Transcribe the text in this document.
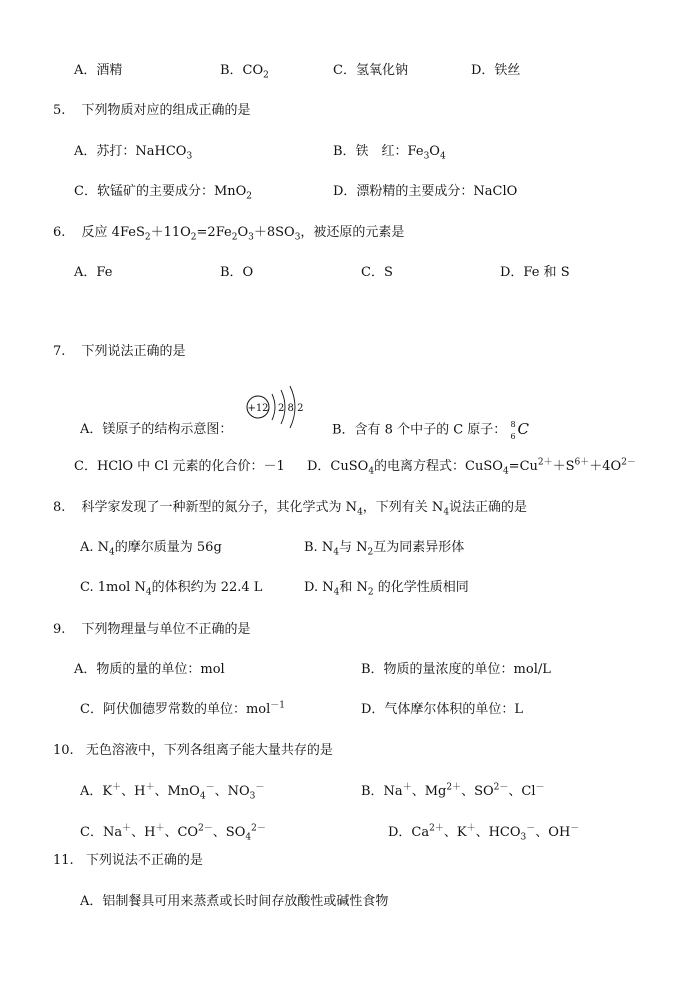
A．酒精	B．$CO_2$	C．氢氧化钠	D．铁丝
5. 下列物质对应的组成正确的是
A．苏打：NaHCO$_3$	B．铁　红：$Fe_3O_4$
C．软锰矿的主要成分：MnO$_2$	D．漂粉精的主要成分：NaClO
6. 反应 $4FeS_2+11O_2=2Fe_2O_3+8SO_3$，被还原的元素是
A．Fe	B．O	C．S	D．Fe 和 S
7. 下列说法正确的是
A．镁原子的结构示意图：
+12 2 8 2
B．含有 8 个中子的 C 原子： 8
6 C
C．HClO 中 Cl 元素的化合价：－1 D．CuSO$_4$的电离方程式：$CuSO_4=Cu^{2+}+S^{6+}+4O^{2-}$
8. 科学家发现了一种新型的氮分子，其化学式为 $N_4$，下列有关 $N_4$说法正确的是
A. $N_4$的摩尔质量为 56g	B. $N_4$与 $N_2$互为同素异形体
C. 1mol $N_4$的体积约为 22.4 L	D. $N_4$和 $N_2$ 的化学性质相同
9. 下列物理量与单位不正确的是
A．物质的量的单位：mol	B．物质的量浓度的单位：mol/L
C．阿伏伽德罗常数的单位：mol$^{-1}$	D．气体摩尔体积的单位：L
10. 无色溶液中，下列各组离子能大量共存的是
A．K＋、H＋、MnO$_4$－、$NO_3^-$	B．Na＋、$Mg^{2+}$、$SO^{2-}$、Cl－
C．Na＋、H＋、$CO^{2-}$、$SO_4^{2-}$	D．$Ca^{2+}$、K＋、$HCO_3^-$、OH－
11. 下列说法不正确的是
A．铝制餐具可用来蒸煮或长时间存放酸性或碱性食物
